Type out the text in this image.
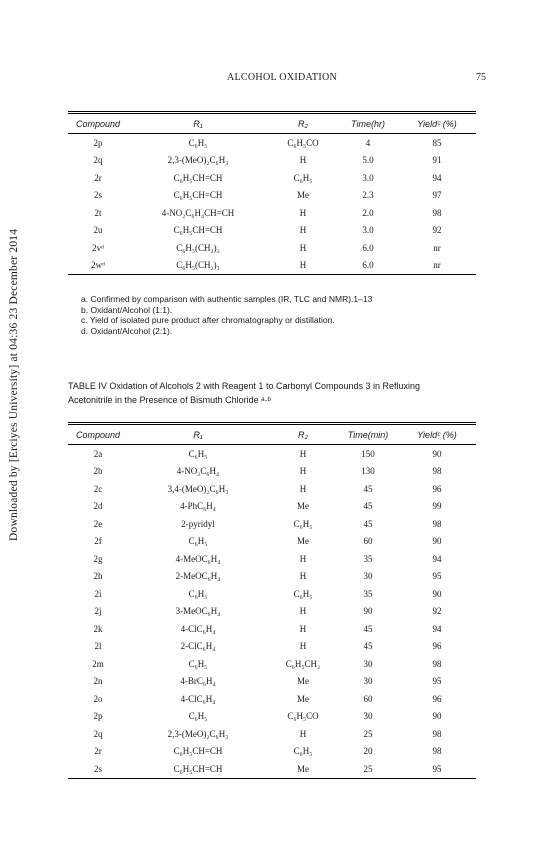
ALCOHOL OXIDATION	75
Downloaded by [Erciyes University] at 04:36 23 December 2014
Compound	R₁	R₂	Time(hr)	Yieldᶜ (%)
2p	C₆H₅	C₆H₅CO	4	85
2q	2,3-(MeO)₂C₆H₃	H	5.0	91
2r	C₆H₅CH=CH	C₆H₅	3.0	94
2s	C₆H₅CH=CH	Me	2.3	97
2t	4-NO₂C₆H₄CH=CH	H	2.0	98
2u	C₆H₅CH=CH	H	3.0	92
2vᵈ	C₆H₅(CH₂)₂	H	6.0	nr
2wᵈ	C₆H₅(CH₂)₃	H	6.0	nr
a. Confirmed by comparison with authentic samples (IR, TLC and NMR).1–13
b. Oxidant/Alcohol (1:1).
c. Yield of isolated pure product after chromatography or distillation.
d. Oxidant/Alcohol (2:1).
TABLE IV Oxidation of Alcohols 2 with Reagent 1 to Carbonyl Compounds 3 in Refluxing
Acetonitrile in the Presence of Bismuth Chloride ᵃ·ᵇ
Compound	R₁	R₂	Time(min)	Yieldᶜ (%)
2a	C₆H₅	H	150	90
2b	4-NO₂C₆H₄	H	130	98
2c	3,4-(MeO)₂C₆H₃	H	45	96
2d	4-PhC₆H₄	Me	45	99
2e	2-pyridyl	C₆H₅	45	98
2f	C₆H₅	Me	60	90
2g	4-MeOC₆H₄	H	35	94
2h	2-MeOC₆H₄	H	30	95
2i	C₆H₅	C₆H₅	35	90
2j	3-MeOC₆H₄	H	90	92
2k	4-ClC₆H₄	H	45	94
2l	2-ClC₆H₄	H	45	96
2m	C₆H₅	C₆H₅CH₂	30	98
2n	4-BrC₆H₄	Me	30	95
2o	4-ClC₆H₄	Me	60	96
2p	C₆H₅	C₆H₅CO	30	90
2q	2,3-(MeO)₂C₆H₃	H	25	98
2r	C₆H₅CH=CH	C₆H₅	20	98
2s	C₆H₅CH=CH	Me	25	95
